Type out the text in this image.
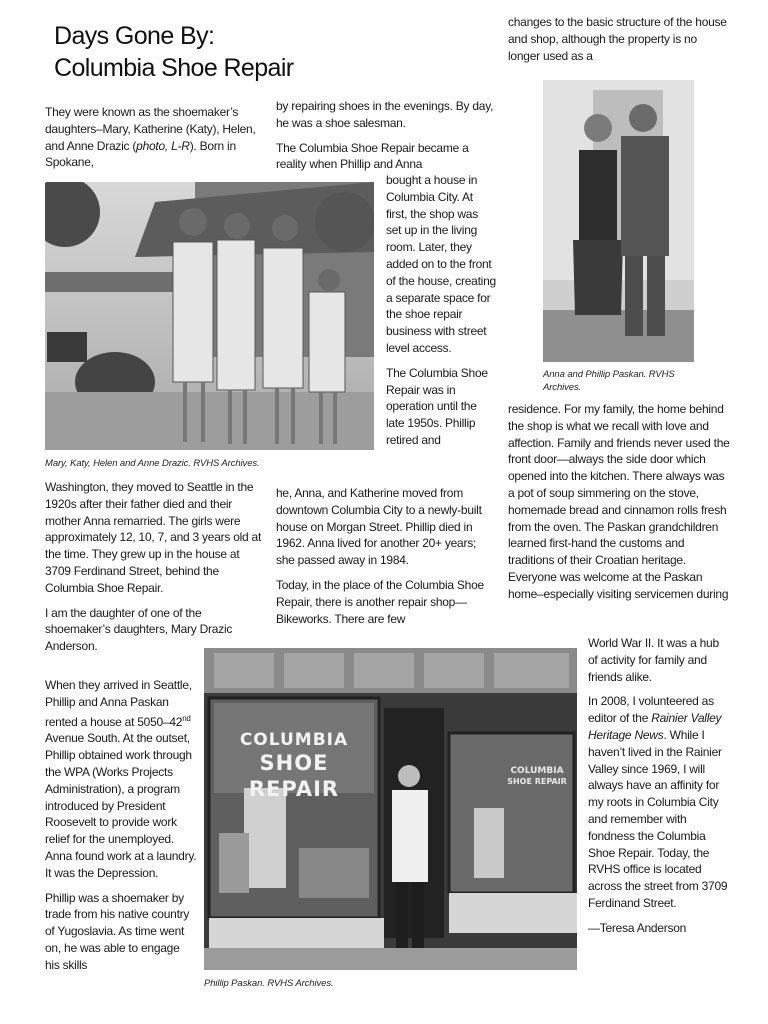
Days Gone By:
Columbia Shoe Repair

They were known as the shoemaker’s daughters–Mary, Katherine (Katy), Helen, and Anne Drazic (photo, L-R). Born in Spokane,

Mary, Katy, Helen and Anne Drazic. RVHS Archives.

Washington, they moved to Seattle in the 1920s after their father died and their mother Anna remarried. The girls were approximately 12, 10, 7, and 3 years old at the time. They grew up in the house at 3709 Ferdinand Street, behind the Columbia Shoe Repair.

I am the daughter of one of the shoemaker’s daughters, Mary Drazic Anderson.

When they arrived in Seattle, Phillip and Anna Paskan rented a house at 5050–42nd Avenue South. At the outset, Phillip obtained work through the WPA (Works Projects Administration), a program introduced by President Roosevelt to provide work relief for the unemployed. Anna found work at a laundry. It was the Depression.

Phillip was a shoemaker by trade from his native country of Yugoslavia. As time went on, he was able to engage his skills

by repairing shoes in the evenings. By day, he was a shoe salesman.

The Columbia Shoe Repair became a reality when Phillip and Anna

bought a house in Columbia City. At first, the shop was set up in the living room. Later, they added on to the front of the house, creating a separate space for the shoe repair business with street level access.

The Columbia Shoe Repair was in operation until the late 1950s. Phillip retired and

he, Anna, and Katherine moved from downtown Columbia City to a newly-built house on Morgan Street. Phillip died in 1962. Anna lived for another 20+ years; she passed away in 1984.

Today, in the place of the Columbia Shoe Repair, there is another repair shop—Bikeworks. There are few

changes to the basic structure of the house and shop, although the property is no longer used as a

Anna and Phillip Paskan. RVHS Archives.

residence. For my family, the home behind the shop is what we recall with love and affection. Family and friends never used the front door—always the side door which opened into the kitchen. There always was a pot of soup simmering on the stove, homemade bread and cinnamon rolls fresh from the oven. The Paskan grandchildren learned first-hand the customs and traditions of their Croatian heritage. Everyone was welcome at the Paskan home–especially visiting servicemen during

World War II. It was a hub of activity for family and friends alike.

In 2008, I volunteered as editor of the Rainier Valley Heritage News. While I haven’t lived in the Rainier Valley since 1969, I will always have an affinity for my roots in Columbia City and remember with fondness the Columbia Shoe Repair. Today, the RVHS office is located across the street from 3709 Ferdinand Street.

—Teresa Anderson

COLUMBIA
SHOE REPAIR
COLUMBIA
SHOE REPAIR
Phillip Paskan. RVHS Archives.
